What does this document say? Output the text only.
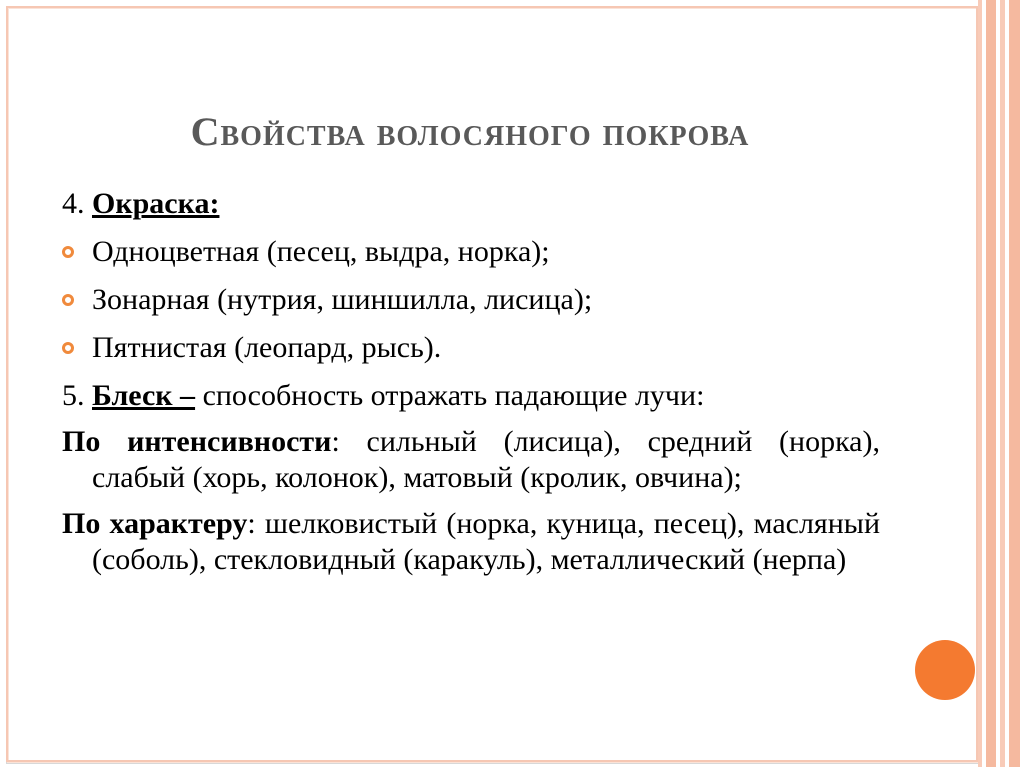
Свойства волосяного покрова
4. Окраска:
Одноцветная (песец, выдра, норка);
Зонарная (нутрия, шиншилла, лисица);
Пятнистая (леопард, рысь).
5. Блеск – способность отражать падающие лучи:
По интенсивности: сильный (лисица), средний (норка), слабый (хорь, колонок), матовый (кролик, овчина);
По характеру: шелковистый (норка, куница, песец), масляный (соболь), стекловидный (каракуль), металлический (нерпа)
